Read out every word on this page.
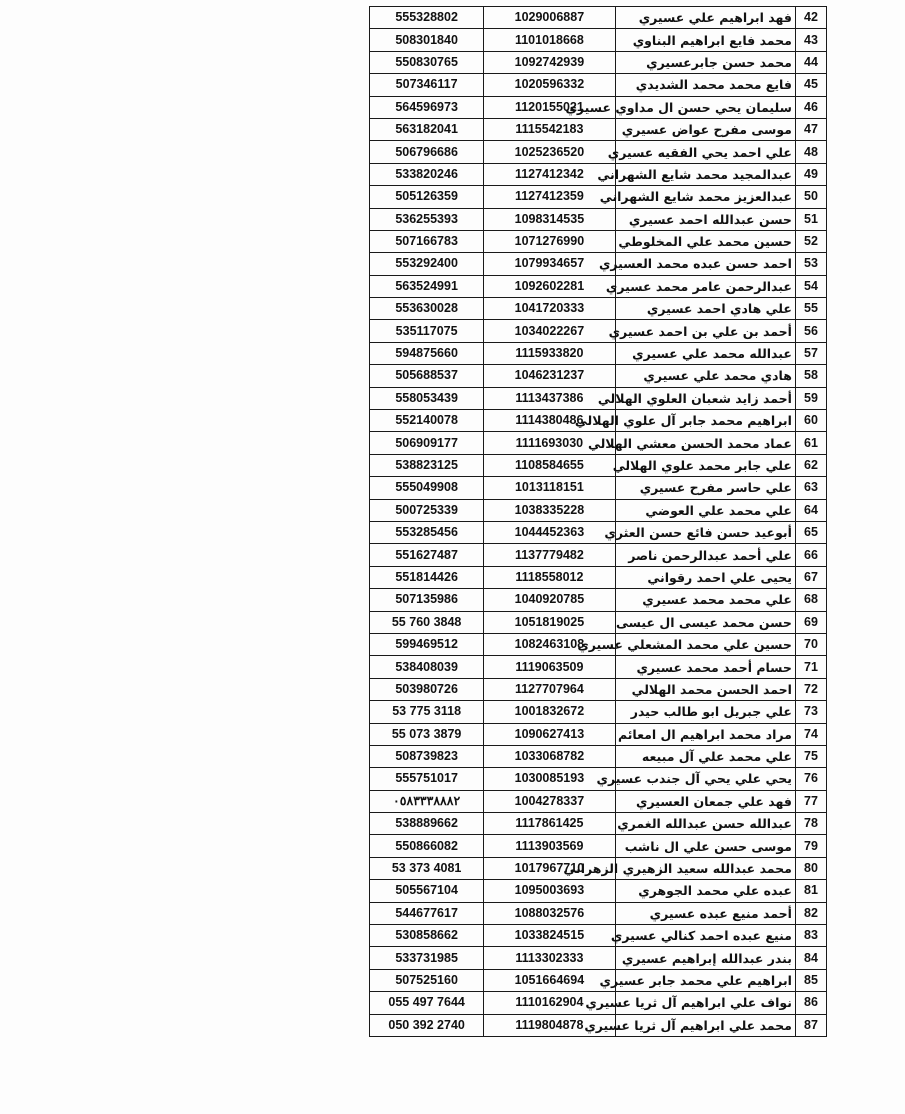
555328802	1029006887	فهد ابراهيم علي عسيري	42
508301840	1101018668	محمد فايع ابراهيم البناوي	43
550830765	1092742939	محمد حسن جابرعسيري	44
507346117	1020596332	فايع محمد محمد الشديدي	45
564596973	1120155021	سليمان يحي حسن ال مداوي عسيري	46
563182041	1115542183	موسى مفرح عواض عسيري	47
506796686	1025236520	علي احمد يحي الفقيه عسيري	48
533820246	1127412342	عبدالمجيد محمد شايع الشهراني	49
505126359	1127412359	عبدالعزيز محمد شايع الشهراني	50
536255393	1098314535	حسن عبدالله احمد عسيري	51
507166783	1071276990	حسين محمد علي المخلوطي	52
553292400	1079934657	احمد حسن عبده محمد العسيري	53
563524991	1092602281	عبدالرحمن عامر محمد عسيري	54
553630028	1041720333	علي هادي احمد عسيري	55
535117075	1034022267	أحمد بن علي بن احمد عسيري	56
594875660	1115933820	عبدالله محمد علي عسيري	57
505688537	1046231237	هادي محمد علي عسيري	58
558053439	1113437386	أحمد زايد شعبان العلوي الهلالي	59
552140078	1114380486	ابراهيم محمد جابر آل علوي الهلالي	60
506909177	1111693030	عماد محمد الحسن معشي الهلالي	61
538823125	1108584655	علي جابر محمد علوي الهلالي	62
555049908	1013118151	علي حاسر مفرح عسيري	63
500725339	1038335228	علي محمد علي العوضي	64
553285456	1044452363	أبوعيد حسن فائع حسن العثري	65
551627487	1137779482	علي أحمد عبدالرحمن ناصر	66
551814426	1118558012	يحيى علي احمد رقواني	67
507135986	1040920785	علي محمد محمد عسيري	68
55 760 3848	1051819025	حسن محمد عيسى ال عيسى	69
599469512	1082463108	حسين علي محمد المشعلي عسيري	70
538408039	1119063509	حسام أحمد محمد عسيري	71
503980726	1127707964	احمد الحسن محمد الهلالي	72
53 775 3118	1001832672	علي جبريل ابو طالب حيدر	73
55 073 3879	1090627413	مراد محمد ابراهيم ال امعائم	74
508739823	1033068782	علي محمد علي آل مبيعه	75
555751017	1030085193	يحي علي يحي آل جندب عسيري	76
٠٥٨٣٣٣٨٨٨٢	1004278337	فهد علي جمعان العسيري	77
538889662	1117861425	عبدالله حسن عبدالله الغمري	78
550866082	1113903569	موسى حسن علي ال ناشب	79
53 373 4081	1017967710	محمد عبدالله سعيد الزهيري الزهراني	80
505567104	1095003693	عبده علي محمد الجوهري	81
544677617	1088032576	أحمد منيع عبده عسيري	82
530858662	1033824515	منيع عبده احمد كنالي عسيري	83
533731985	1113302333	بندر عبدالله إبراهيم عسيري	84
507525160	1051664694	ابراهيم علي محمد جابر عسيري	85
055 497 7644	1110162904	نواف علي ابراهيم آل ثريا عسيري	86
050 392 2740	1119804878	محمد علي ابراهيم آل ثريا عسيري	87
